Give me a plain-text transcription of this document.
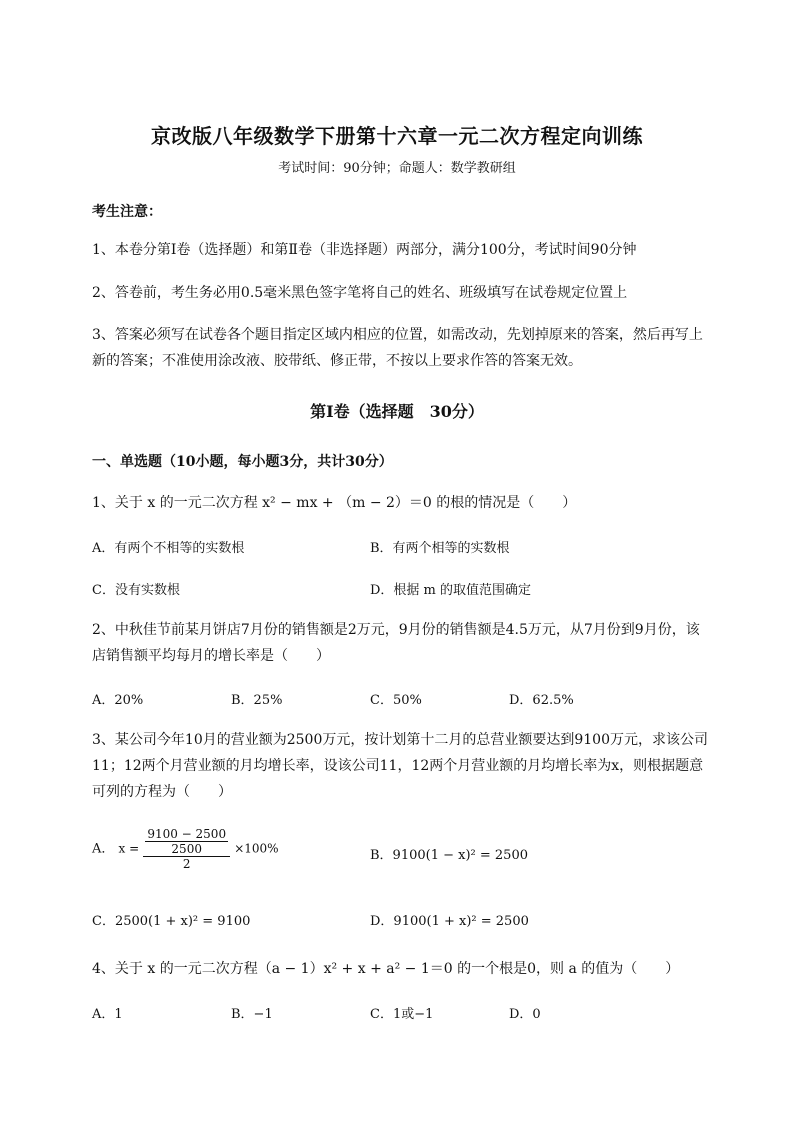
京改版八年级数学下册第十六章一元二次方程定向训练
考试时间：90分钟；命题人：数学教研组
考生注意：
1、本卷分第Ⅰ卷（选择题）和第Ⅱ卷（非选择题）两部分，满分100分，考试时间90分钟
2、答卷前，考生务必用0.5毫米黑色签字笔将自己的姓名、班级填写在试卷规定位置上
3、答案必须写在试卷各个题目指定区域内相应的位置，如需改动，先划掉原来的答案，然后再写上新的答案；不准使用涂改液、胶带纸、修正带，不按以上要求作答的答案无效。
第Ⅰ卷（选择题　30分）
一、单选题（10小题，每小题3分，共计30分）
1、关于 x 的一元二次方程 x² − mx + （m − 2）＝0 的根的情况是（　　）
A．有两个不相等的实数根	B．有两个相等的实数根
C．没有实数根	D．根据 m 的取值范围确定
2、中秋佳节前某月饼店7月份的销售额是2万元，9月份的销售额是4.5万元，从7月份到9月份，该店销售额平均每月的增长率是（　　）
A．20%	B．25%	C．50%	D．62.5%
3、某公司今年10月的营业额为2500万元，按计划第十二月的总营业额要达到9100万元，求该公司11；12两个月营业额的月均增长率，设该公司11，12两个月营业额的月均增长率为x，则根据题意可列的方程为（　　）
A． $x = \frac{\frac{9100 - 2500}{2500}}{2} \times 100\%$	B．9100(1 − x)² = 2500
C．2500(1 + x)² = 9100	D．9100(1 + x)² = 2500
4、关于 x 的一元二次方程（a − 1）x² + x + a² − 1＝0 的一个根是0，则 a 的值为（　　）
A．1	B．−1	C．1或−1	D．0
